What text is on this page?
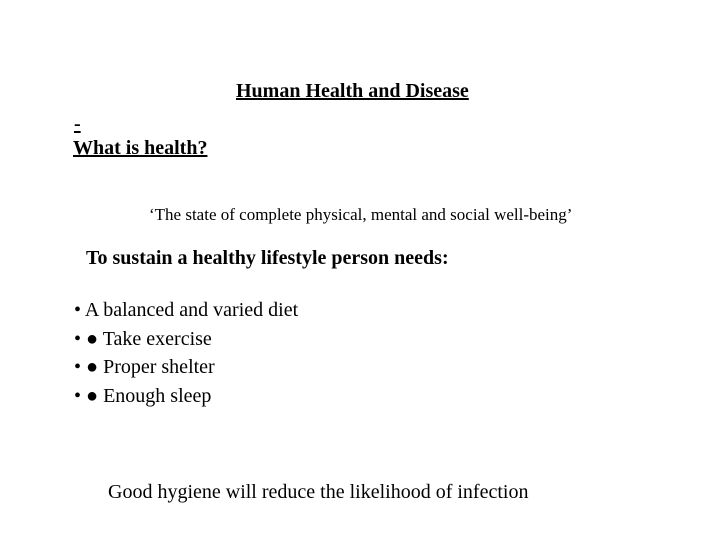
Human Health and Disease
-
What is health?
‘The state of complete physical, mental and social well-being’
To sustain a healthy lifestyle person needs:
• A balanced and varied diet
• ● Take exercise
• ● Proper shelter
• ● Enough sleep
Good hygiene will reduce the likelihood of infection
